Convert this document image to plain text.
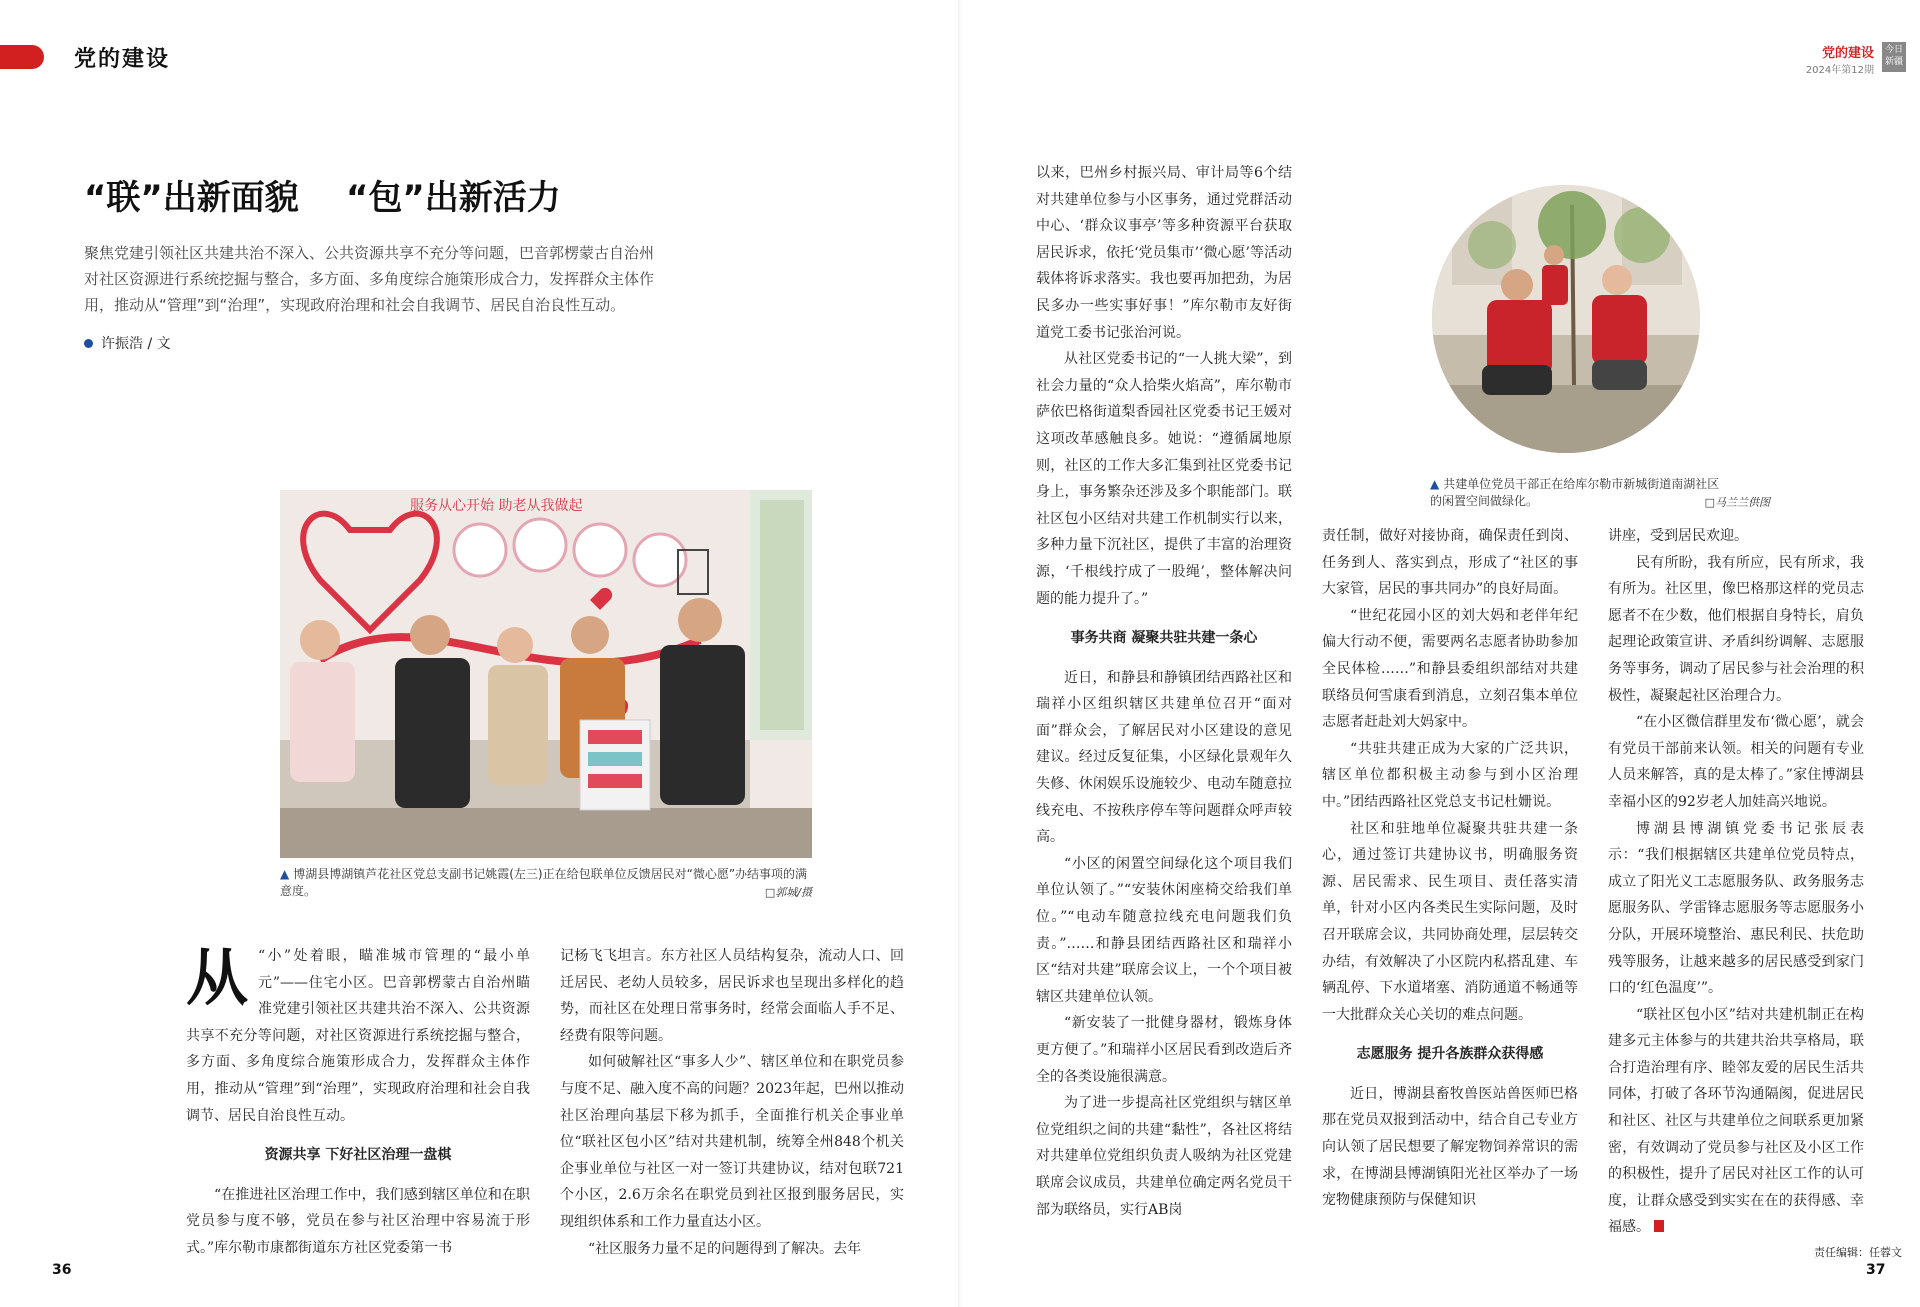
党的建设	党的建设
2024年第12期
今日 新疆
“联”出新面貌    “包”出新活力
聚焦党建引领社区共建共治不深入、公共资源共享不充分等问题，巴音郭楞蒙古自治州对社区资源进行系统挖掘与整合，多方面、多角度综合施策形成合力，发挥群众主体作用，推动从“管理”到“治理”，实现政府治理和社会自我调节、居民自治良性互动。
许振浩 / 文
服务从心开始 助老从我做起
▲ 博湖县博湖镇芦花社区党总支副书记姚霞(左三)正在给包联单位反馈居民对“微心愿”办结事项的满意度。	□郭城/摄
▲ 共建单位党员干部正在给库尔勒市新城街道南湖社区的闲置空间做绿化。	□马兰兰供图
从 “小”处着眼，瞄准城市管理的“最小单元”——住宅小区。巴音郭楞蒙古自治州瞄准党建引领社区共建共治不深入、公共资源共享不充分等问题，对社区资源进行系统挖掘与整合，多方面、多角度综合施策形成合力，发挥群众主体作用，推动从“管理”到“治理”，实现政府治理和社会自我调节、居民自治良性互动。

资源共享 下好社区治理一盘棋

“在推进社区治理工作中，我们感到辖区单位和在职党员参与度不够，党员在参与社区治理中容易流于形式。”库尔勒市康都街道东方社区党委第一书

记杨飞飞坦言。东方社区人员结构复杂，流动人口、回迁居民、老幼人员较多，居民诉求也呈现出多样化的趋势，而社区在处理日常事务时，经常会面临人手不足、经费有限等问题。

如何破解社区“事多人少”、辖区单位和在职党员参与度不足、融入度不高的问题？2023年起，巴州以推动社区治理向基层下移为抓手，全面推行机关企事业单位“联社区包小区”结对共建机制，统筹全州848个机关企事业单位与社区一对一签订共建协议，结对包联721个小区，2.6万余名在职党员到社区报到服务居民，实现组织体系和工作力量直达小区。

“社区服务力量不足的问题得到了解决。去年

以来，巴州乡村振兴局、审计局等6个结对共建单位参与小区事务，通过党群活动中心、‘群众议事亭’等多种资源平台获取居民诉求，依托‘党员集市’‘微心愿’等活动载体将诉求落实。我也要再加把劲，为居民多办一些实事好事！”库尔勒市友好街道党工委书记张治河说。

从社区党委书记的“一人挑大梁”，到社会力量的“众人拾柴火焰高”，库尔勒市萨依巴格街道梨香园社区党委书记王媛对这项改革感触良多。她说：“遵循属地原则，社区的工作大多汇集到社区党委书记身上，事务繁杂还涉及多个职能部门。联社区包小区结对共建工作机制实行以来，多种力量下沉社区，提供了丰富的治理资源，‘千根线拧成了一股绳’，整体解决问题的能力提升了。”

事务共商 凝聚共驻共建一条心

近日，和静县和静镇团结西路社区和瑞祥小区组织辖区共建单位召开“面对面”群众会，了解居民对小区建设的意见建议。经过反复征集，小区绿化景观年久失修、休闲娱乐设施较少、电动车随意拉线充电、不按秩序停车等问题群众呼声较高。

“小区的闲置空间绿化这个项目我们单位认领了。”“安装休闲座椅交给我们单位。”“电动车随意拉线充电问题我们负责。”……和静县团结西路社区和瑞祥小区“结对共建”联席会议上，一个个项目被辖区共建单位认领。

“新安装了一批健身器材，锻炼身体更方便了。”和瑞祥小区居民看到改造后齐全的各类设施很满意。

为了进一步提高社区党组织与辖区单位党组织之间的共建“黏性”，各社区将结对共建单位党组织负责人吸纳为社区党建联席会议成员，共建单位确定两名党员干部为联络员，实行AB岗

责任制，做好对接协商，确保责任到岗、任务到人、落实到点，形成了“社区的事大家管，居民的事共同办”的良好局面。

“世纪花园小区的刘大妈和老伴年纪偏大行动不便，需要两名志愿者协助参加全民体检……”和静县委组织部结对共建联络员何雪康看到消息，立刻召集本单位志愿者赶赴刘大妈家中。

“共驻共建正成为大家的广泛共识，辖区单位都积极主动参与到小区治理中。”团结西路社区党总支书记杜姗说。

社区和驻地单位凝聚共驻共建一条心，通过签订共建协议书，明确服务资源、居民需求、民生项目、责任落实清单，针对小区内各类民生实际问题，及时召开联席会议，共同协商处理，层层转交办结，有效解决了小区院内私搭乱建、车辆乱停、下水道堵塞、消防通道不畅通等一大批群众关心关切的难点问题。

志愿服务 提升各族群众获得感

近日，博湖县畜牧兽医站兽医师巴格那在党员双报到活动中，结合自己专业方向认领了居民想要了解宠物饲养常识的需求，在博湖县博湖镇阳光社区举办了一场宠物健康预防与保健知识

讲座，受到居民欢迎。

民有所盼，我有所应，民有所求，我有所为。社区里，像巴格那这样的党员志愿者不在少数，他们根据自身特长，肩负起理论政策宣讲、矛盾纠纷调解、志愿服务等事务，调动了居民参与社会治理的积极性，凝聚起社区治理合力。

“在小区微信群里发布‘微心愿’，就会有党员干部前来认领。相关的问题有专业人员来解答，真的是太棒了。”家住博湖县幸福小区的92岁老人加娃高兴地说。

博湖县博湖镇党委书记张辰表示：“我们根据辖区共建单位党员特点，成立了阳光义工志愿服务队、政务服务志愿服务队、学雷锋志愿服务等志愿服务小分队，开展环境整治、惠民利民、扶危助残等服务，让越来越多的居民感受到家门口的‘红色温度’”。

“联社区包小区”结对共建机制正在构建多元主体参与的共建共治共享格局，联合打造治理有序、睦邻友爱的居民生活共同体，打破了各环节沟通隔阂，促进居民和社区、社区与共建单位之间联系更加紧密，有效调动了党员参与社区及小区工作的积极性，提升了居民对社区工作的认可度，让群众感受到实实在在的获得感、幸福感。

36	37
责任编辑：任蓉文
